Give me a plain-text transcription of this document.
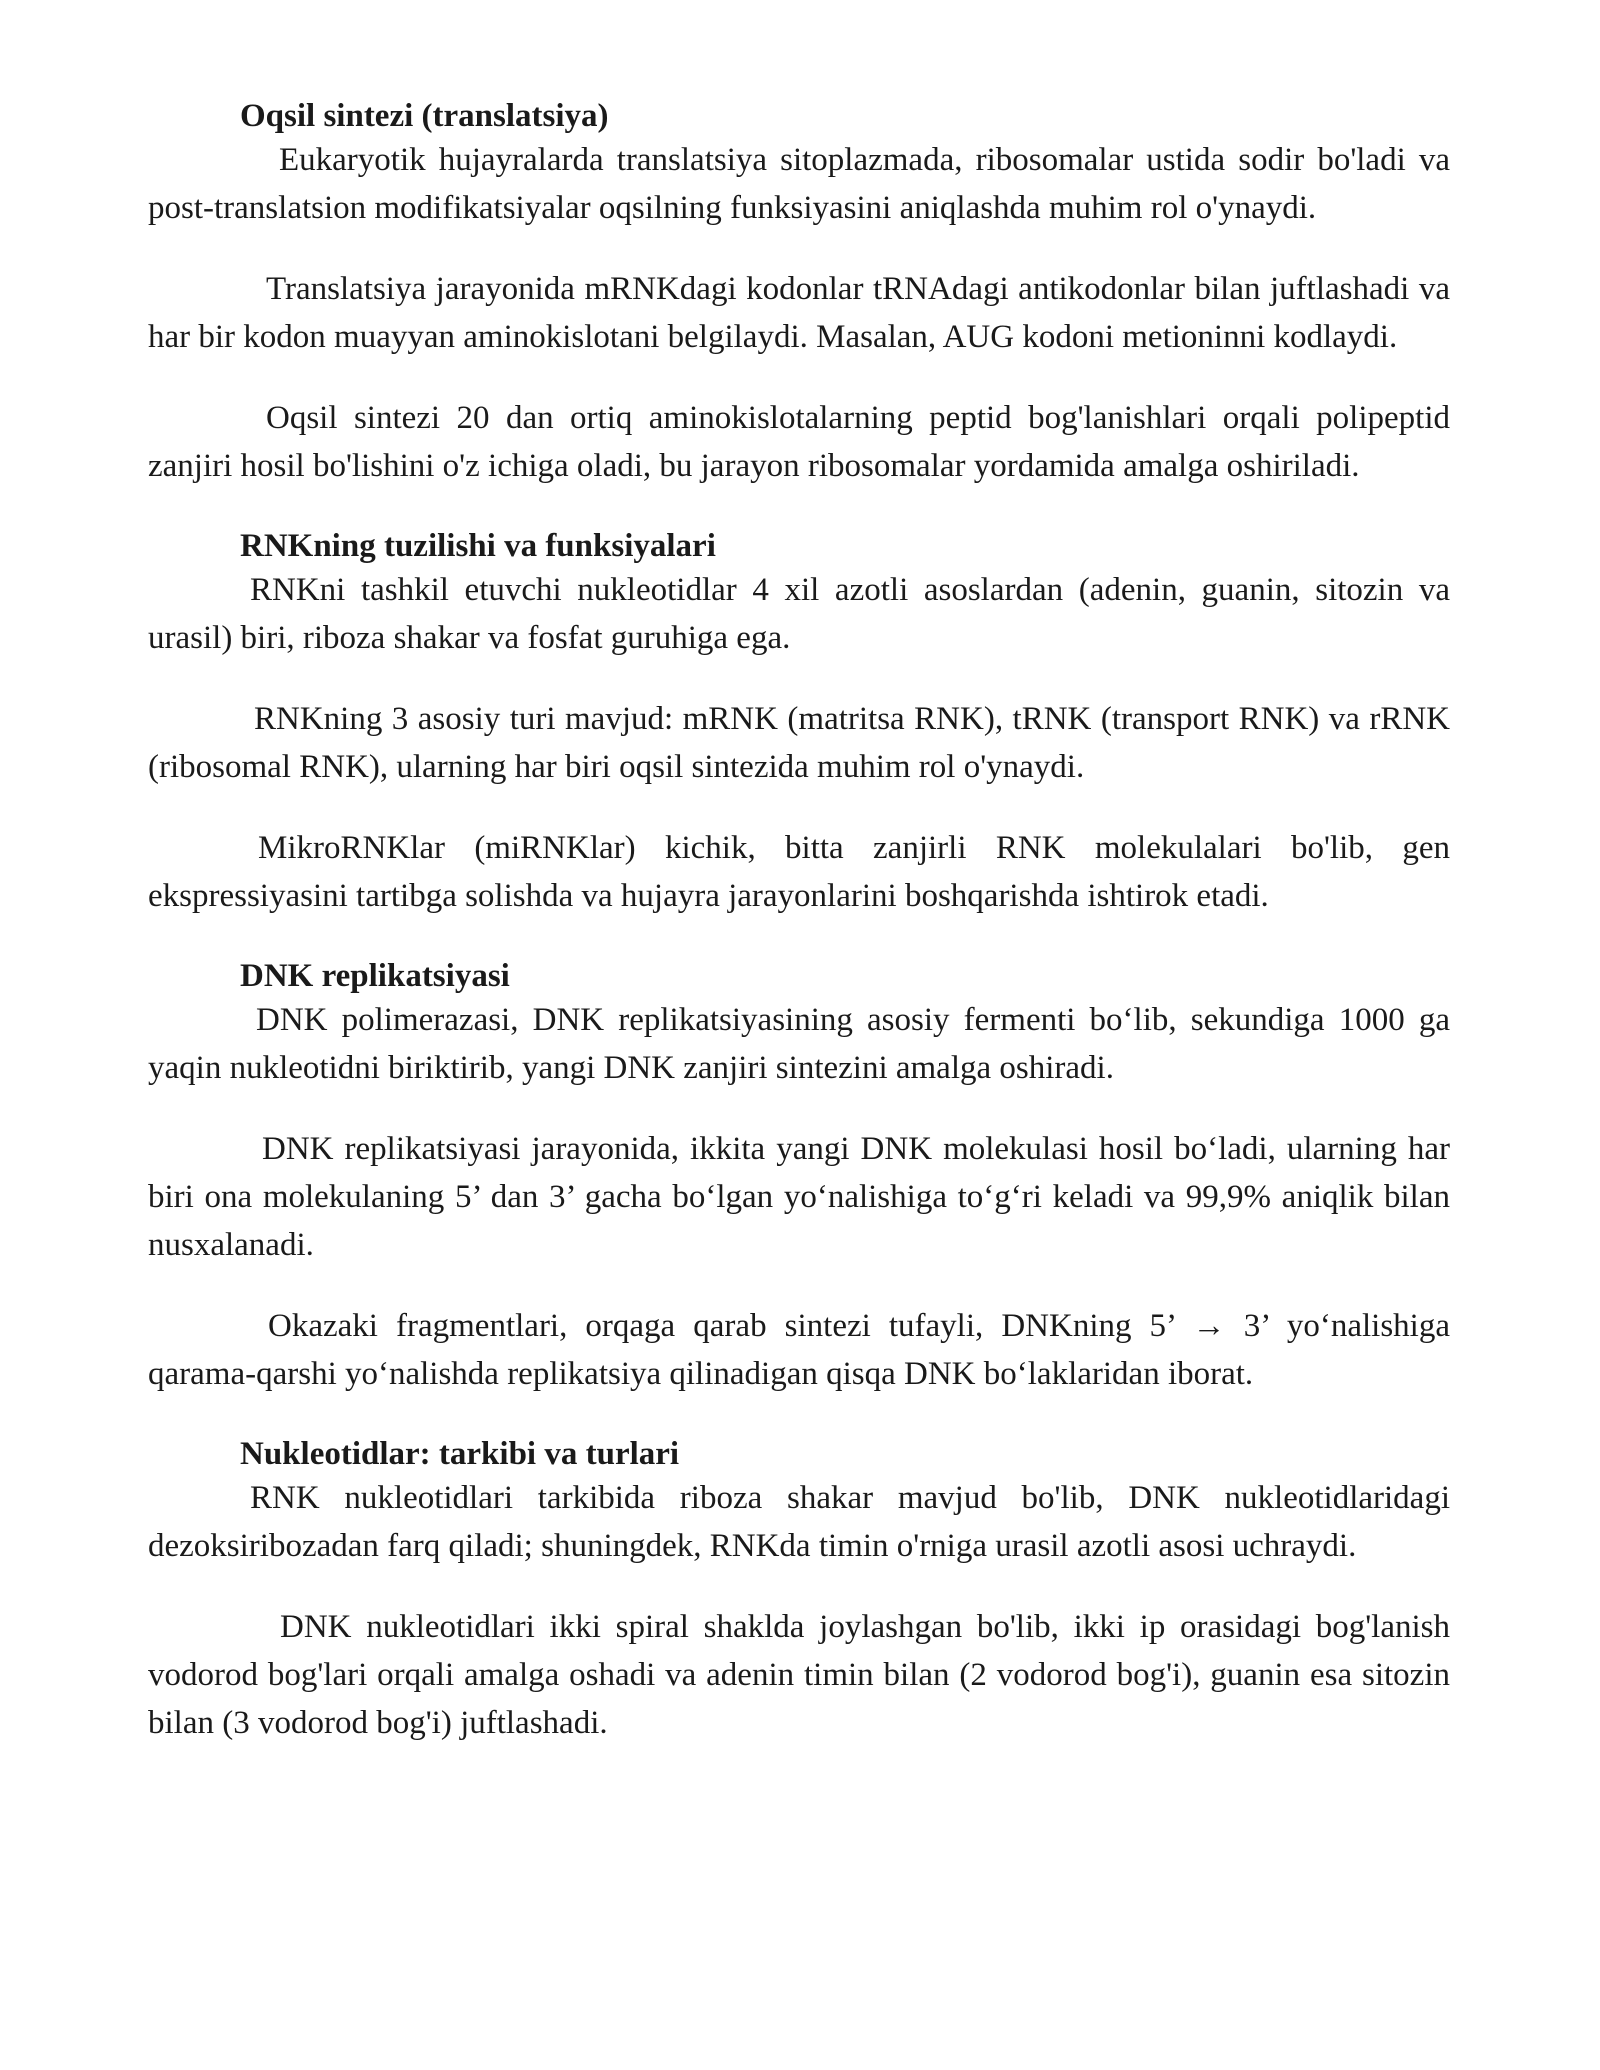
Oqsil sintezi (translatsiya)

Eukaryotik hujayralarda translatsiya sitoplazmada, ribosomalar ustida sodir bo'ladi va post-translatsion modifikatsiyalar oqsilning funksiyasini aniqlashda muhim rol o'ynaydi.

Translatsiya jarayonida mRNKdagi kodonlar tRNAdagi antikodonlar bilan juftlashadi va har bir kodon muayyan aminokislotani belgilaydi. Masalan, AUG kodoni metioninni kodlaydi.

Oqsil sintezi 20 dan ortiq aminokislotalarning peptid bog'lanishlari orqali polipeptid zanjiri hosil bo'lishini o'z ichiga oladi, bu jarayon ribosomalar yordamida amalga oshiriladi.

RNKning tuzilishi va funksiyalari

RNKni tashkil etuvchi nukleotidlar 4 xil azotli asoslardan (adenin, guanin, sitozin va urasil) biri, riboza shakar va fosfat guruhiga ega.

RNKning 3 asosiy turi mavjud: mRNK (matritsa RNK), tRNK (transport RNK) va rRNK (ribosomal RNK), ularning har biri oqsil sintezida muhim rol o'ynaydi.

MikroRNKlar (miRNKlar) kichik, bitta zanjirli RNK molekulalari bo'lib, gen ekspressiyasini tartibga solishda va hujayra jarayonlarini boshqarishda ishtirok etadi.

DNK replikatsiyasi

DNK polimerazasi, DNK replikatsiyasining asosiy fermenti boʻlib, sekundiga 1000 ga yaqin nukleotidni biriktirib, yangi DNK zanjiri sintezini amalga oshiradi.

DNK replikatsiyasi jarayonida, ikkita yangi DNK molekulasi hosil boʻladi, ularning har biri ona molekulaning 5’ dan 3’ gacha boʻlgan yoʻnalishiga toʻgʻri keladi va 99,9% aniqlik bilan nusxalanadi.

Okazaki fragmentlari, orqaga qarab sintezi tufayli, DNKning 5’ → 3’ yoʻnalishiga qarama-qarshi yoʻnalishda replikatsiya qilinadigan qisqa DNK boʻlaklaridan iborat.

Nukleotidlar: tarkibi va turlari

RNK nukleotidlari tarkibida riboza shakar mavjud bo'lib, DNK nukleotidlaridagi dezoksiribozadan farq qiladi; shuningdek, RNKda timin o'rniga urasil azotli asosi uchraydi.

DNK nukleotidlari ikki spiral shaklda joylashgan bo'lib, ikki ip orasidagi bog'lanish vodorod bog'lari orqali amalga oshadi va adenin timin bilan (2 vodorod bog'i), guanin esa sitozin bilan (3 vodorod bog'i) juftlashadi.
